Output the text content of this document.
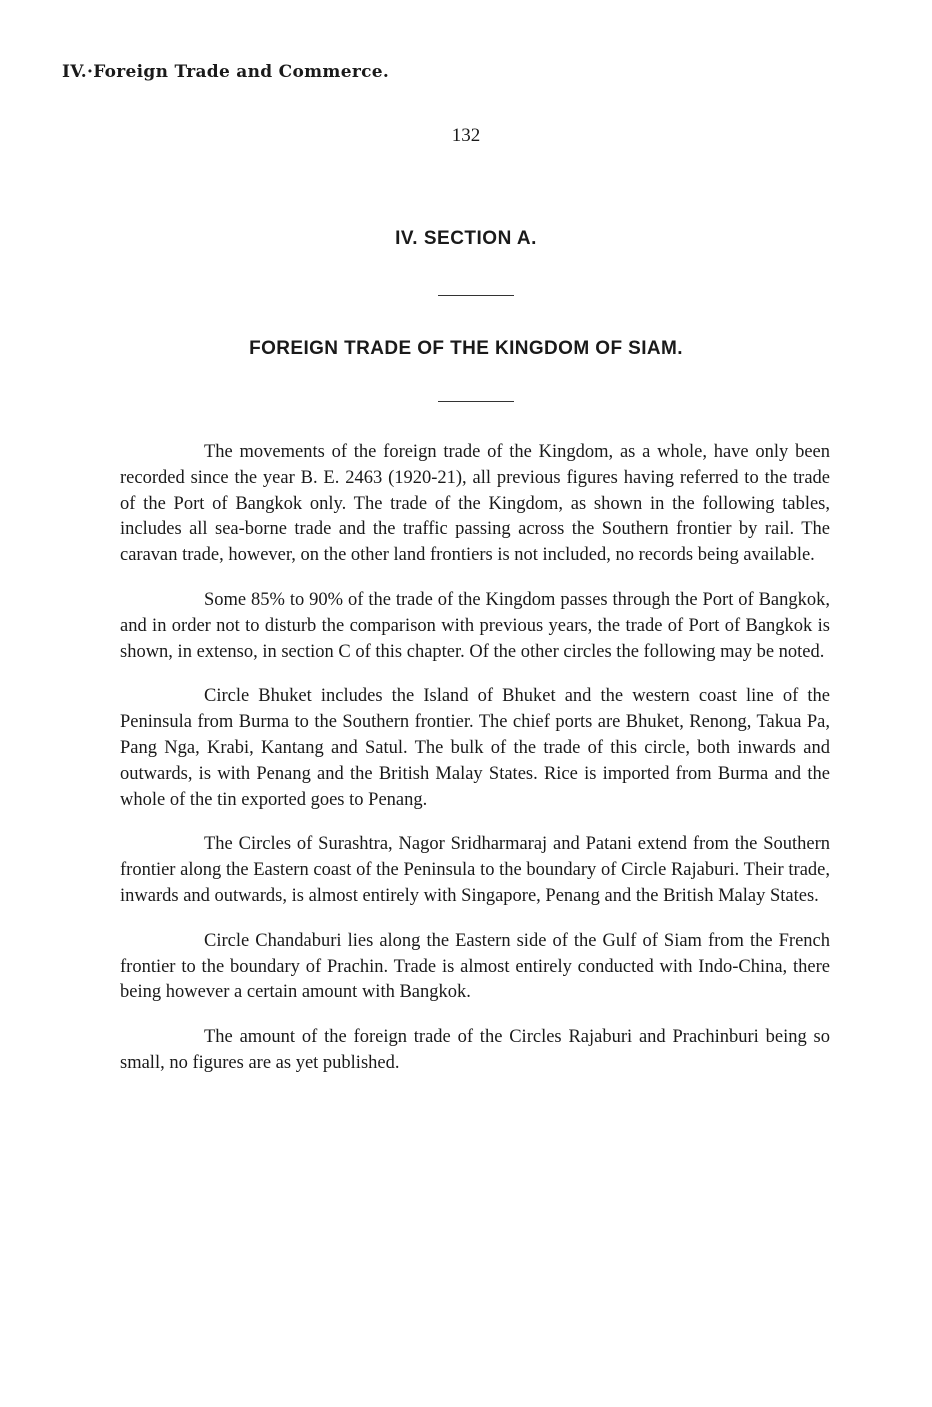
IV.·Foreign Trade and Commerce.
132
IV. SECTION A.
FOREIGN TRADE OF THE KINGDOM OF SIAM.

The movements of the foreign trade of the Kingdom, as a whole, have only been recorded since the year B. E. 2463 (1920-21), all previous figures having referred to the trade of the Port of Bangkok only. The trade of the Kingdom, as shown in the following tables, includes all sea-borne trade and the traffic passing across the Southern frontier by rail. The caravan trade, however, on the other land frontiers is not included, no records being available.

Some 85% to 90% of the trade of the Kingdom passes through the Port of Bangkok, and in order not to disturb the comparison with previous years, the trade of Port of Bangkok is shown, in extenso, in section C of this chapter. Of the other circles the following may be noted.

Circle Bhuket includes the Island of Bhuket and the western coast line of the Peninsula from Burma to the Southern frontier. The chief ports are Bhuket, Renong, Takua Pa, Pang Nga, Krabi, Kantang and Satul. The bulk of the trade of this circle, both inwards and outwards, is with Penang and the British Malay States. Rice is imported from Burma and the whole of the tin exported goes to Penang.

The Circles of Surashtra, Nagor Sridharmaraj and Patani extend from the Southern frontier along the Eastern coast of the Peninsula to the boundary of Circle Rajaburi. Their trade, inwards and outwards, is almost entirely with Singapore, Penang and the British Malay States.

Circle Chandaburi lies along the Eastern side of the Gulf of Siam from the French frontier to the boundary of Prachin. Trade is almost entirely conducted with Indo-China, there being however a certain amount with Bangkok.

The amount of the foreign trade of the Circles Rajaburi and Prachinburi being so small, no figures are as yet published.
